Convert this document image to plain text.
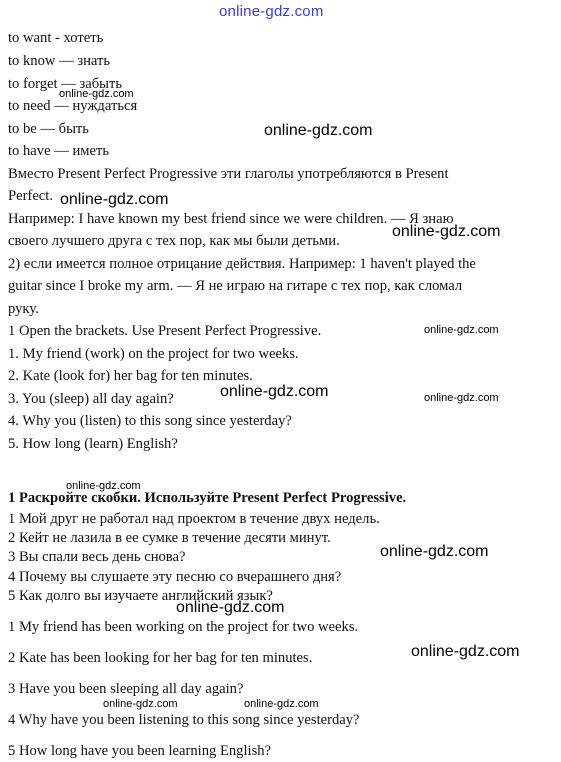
online-gdz.com
to want - хотеть
to know — знать
to forget — забыть
to need — нуждаться
to be — быть
to have — иметь
Вместо Present Perfect Progressive эти глаголы употребляются в Present
Perfect.
Например: I have known my best friend since we were children. — Я знаю
своего лучшего друга с тех пор, как мы были детьми.
2) если имеется полное отрицание действия. Например: 1 haven't played the
guitar since I broke my arm. — Я не играю на гитаре с тех пор, как сломал
руку.
1 Open the brackets. Use Present Perfect Progressive.
1. My friend (work) on the project for two weeks.
2. Kate (look for) her bag for ten minutes.
3. You (sleep) all day again?
4. Why you (listen) to this song since yesterday?
5. How long (learn) English?
1 Раскройте скобки. Используйте Present Perfect Progressive.
1 Мой друг не работал над проектом в течение двух недель.
2 Кейт не лазила в ее сумке в течение десяти минут.
3 Вы спали весь день снова?
4 Почему вы слушаете эту песню со вчерашнего дня?
5 Как долго вы изучаете английский язык?
1 My friend has been working on the project for two weeks.
2 Kate has been looking for her bag for ten minutes.
3 Have you been sleeping all day again?
4 Why have you been listening to this song since yesterday?
5 How long have you been learning English?
online-gdz.com
online-gdz.com
online-gdz.com
online-gdz.com
online-gdz.com
online-gdz.com	online-gdz.com
online-gdz.com
online-gdz.com
online-gdz.com
online-gdz.com
online-gdz.com	online-gdz.com
